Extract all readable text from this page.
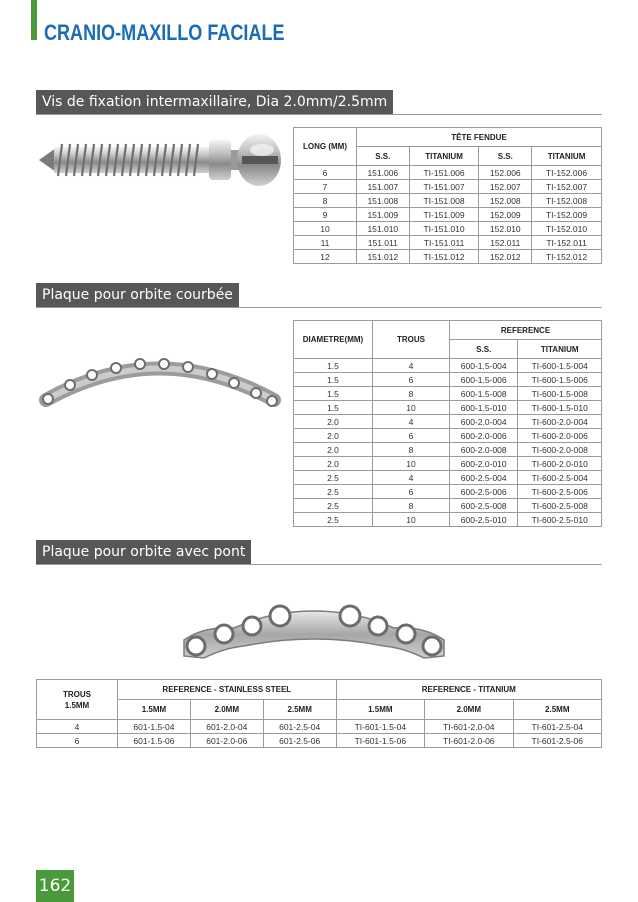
CRANIO-MAXILLO FACIALE
Vis de fixation intermaxillaire, Dia 2.0mm/2.5mm
LONG (MM)	TÊTE FENDUE			
	S.S.	TITANIUM	S.S.	TITANIUM
6	151.006	TI-151.006	152.006	TI-152.006
7	151.007	TI-151.007	152.007	TI-152.007
8	151.008	TI-151.008	152.008	TI-152.008
9	151.009	TI-151.009	152.009	TI-152.009
10	151.010	TI-151.010	152.010	TI-152.010
11	151.011	TI-151.011	152.011	TI-152.011
12	151.012	TI-151.012	152.012	TI-152.012
Plaque pour orbite courbée
DIAMETRE(MM)	TROUS	REFERENCE	
		S.S.	TITANIUM
1.5	4	600-1.5-004	TI-600-1.5-004
1.5	6	600-1.5-006	TI-600-1.5-006
1.5	8	600-1.5-008	TI-600-1.5-008
1.5	10	600-1.5-010	TI-600-1.5-010
2.0	4	600-2.0-004	TI-600-2.0-004
2.0	6	600-2.0-006	TI-600-2.0-006
2.0	8	600-2.0-008	TI-600-2.0-008
2.0	10	600-2.0-010	TI-600-2.0-010
2.5	4	600-2.5-004	TI-600-2.5-004
2.5	6	600-2.5-006	TI-600-2.5-006
2.5	8	600-2.5-008	TI-600-2.5-008
2.5	10	600-2.5-010	TI-600-2.5-010
Plaque pour orbite avec pont
TROUS
1.5MM	REFERENCE - STAINLESS STEEL			REFERENCE - TITANIUM		
	1.5MM	2.0MM	2.5MM	1.5MM	2.0MM	2.5MM
4	601-1.5-04	601-2.0-04	601-2.5-04	TI-601-1.5-04	TI-601-2.0-04	TI-601-2.5-04
6	601-1.5-06	601-2.0-06	601-2.5-06	TI-601-1.5-06	TI-601-2.0-06	TI-601-2.5-06
162
